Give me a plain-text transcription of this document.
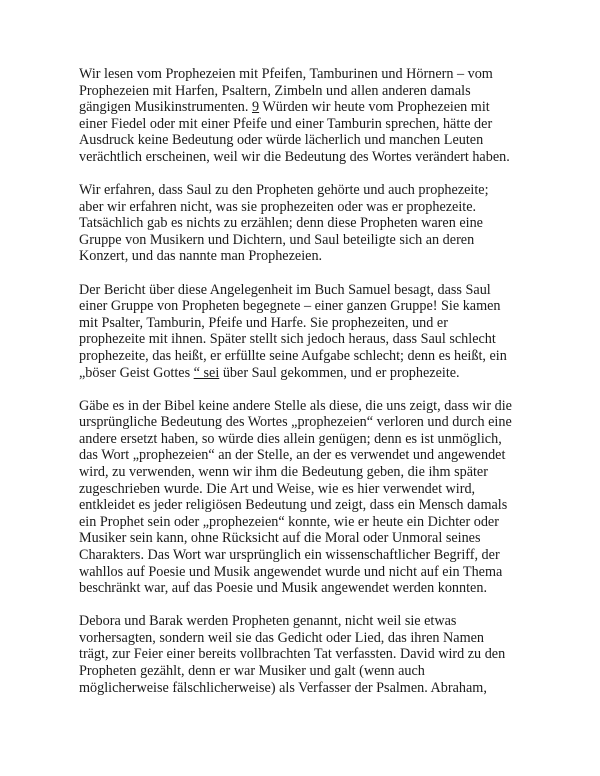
Wir lesen vom Prophezeien mit Pfeifen, Tamburinen und Hörnern – vom
Prophezeien mit Harfen, Psaltern, Zimbeln und allen anderen damals
gängigen Musikinstrumenten. 9 Würden wir heute vom Prophezeien mit
einer Fiedel oder mit einer Pfeife und einer Tamburin sprechen, hätte der
Ausdruck keine Bedeutung oder würde lächerlich und manchen Leuten
verächtlich erscheinen, weil wir die Bedeutung des Wortes verändert haben.

Wir erfahren, dass Saul zu den Propheten gehörte und auch prophezeite;
aber wir erfahren nicht, was sie prophezeiten oder was er prophezeite.
Tatsächlich gab es nichts zu erzählen; denn diese Propheten waren eine
Gruppe von Musikern und Dichtern, und Saul beteiligte sich an deren
Konzert, und das nannte man Prophezeien.

Der Bericht über diese Angelegenheit im Buch Samuel besagt, dass Saul
einer Gruppe von Propheten begegnete – einer ganzen Gruppe! Sie kamen
mit Psalter, Tamburin, Pfeife und Harfe. Sie prophezeiten, und er
prophezeite mit ihnen. Später stellt sich jedoch heraus, dass Saul schlecht
prophezeite, das heißt, er erfüllte seine Aufgabe schlecht; denn es heißt, ein
„böser Geist Gottes “ sei über Saul gekommen, und er prophezeite.

Gäbe es in der Bibel keine andere Stelle als diese, die uns zeigt, dass wir die
ursprüngliche Bedeutung des Wortes „prophezeien“ verloren und durch eine
andere ersetzt haben, so würde dies allein genügen; denn es ist unmöglich,
das Wort „prophezeien“ an der Stelle, an der es verwendet und angewendet
wird, zu verwenden, wenn wir ihm die Bedeutung geben, die ihm später
zugeschrieben wurde. Die Art und Weise, wie es hier verwendet wird,
entkleidet es jeder religiösen Bedeutung und zeigt, dass ein Mensch damals
ein Prophet sein oder „prophezeien“ konnte, wie er heute ein Dichter oder
Musiker sein kann, ohne Rücksicht auf die Moral oder Unmoral seines
Charakters. Das Wort war ursprünglich ein wissenschaftlicher Begriff, der
wahllos auf Poesie und Musik angewendet wurde und nicht auf ein Thema
beschränkt war, auf das Poesie und Musik angewendet werden konnten.

Debora und Barak werden Propheten genannt, nicht weil sie etwas
vorhersagten, sondern weil sie das Gedicht oder Lied, das ihren Namen
trägt, zur Feier einer bereits vollbrachten Tat verfassten. David wird zu den
Propheten gezählt, denn er war Musiker und galt (wenn auch
möglicherweise fälschlicherweise) als Verfasser der Psalmen. Abraham,
